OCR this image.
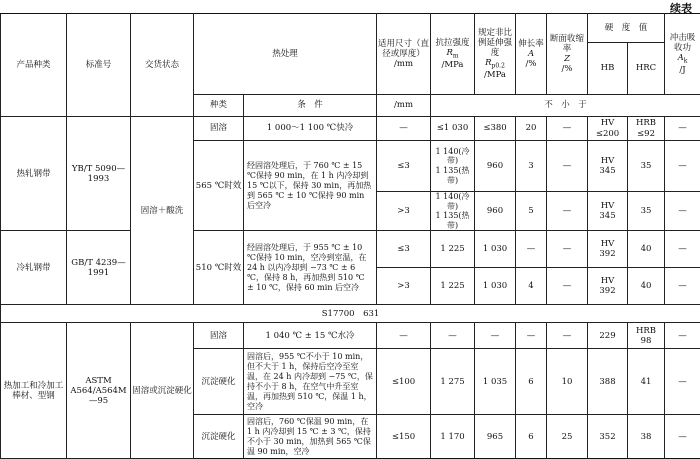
续表
产品种类	标准号	交货状态	热处理		适用尺寸（直径或厚度）
/mm	抗拉强度
$R_m$
/MPa	规定非比例延伸强度
$R_{p0.2}$
/MPa	伸长率
A
/%	断面收缩率
Z
/%	硬　度　值		冲击吸收功
$A_k$
/J
										HB	HRC	
			种类	条　件	/mm	不　小　于						
热轧钢带	YB/T 5090—1993	固溶＋酸洗	固溶	1 000～1 100 ℃快冷	—	≤1 030	≤380	20	—	HV
≤200	HRB
≤92	—
			565 ℃时效	经固溶处理后，于 760 ℃ ± 15 ℃保持 90 min，在 1 h 内冷却到 15 ℃以下，保持 30 min，再加热到 565 ℃ ± 10 ℃保持 90 min 后空冷	≤3	1 140(冷带)
1 135(热带)	960	3	—	HV
345	35	—
					>3	1 140(冷带)
1 135(热带)	960	5	—	HV
345	35	—
冷轧钢带	GB/T 4239—1991		510 ℃时效	经固溶处理后，于 955 ℃ ± 10 ℃保持 10 min，空冷到室温，在 24 h 以内冷却到 −73 ℃ ± 6 ℃，保持 8 h，再加热到 510 ℃ ± 10 ℃，保持 60 min 后空冷	≤3	1 225	1 030	—	—	HV
392	40	—
					>3	1 225	1 030	4	—	HV
392	40	—
S17700　631												
热加工和冷加工棒材、型钢	ASTM A564/A564M—95	固溶或沉淀硬化	固溶	1 040 ℃ ± 15 ℃水冷	—	—	—	—	—	229	HRB
98	—
			沉淀硬化	固溶后，955 ℃不小于 10 min，但不大于 1 h，保持后空冷至室温，在 24 h 内冷却到 −75 ℃，保持不小于 8 h，在空气中升至室温，再加热到 510 ℃，保温 1 h，空冷	≤100	1 275	1 035	6	10	388	41	—
			沉淀硬化	固溶后，760 ℃保温 90 min，在 1 h 内冷却到 15 ℃ ± 3 ℃，保持不小于 30 min，加热到 565 ℃保温 90 min，空冷	≤150	1 170	965	6	25	352	38	—
